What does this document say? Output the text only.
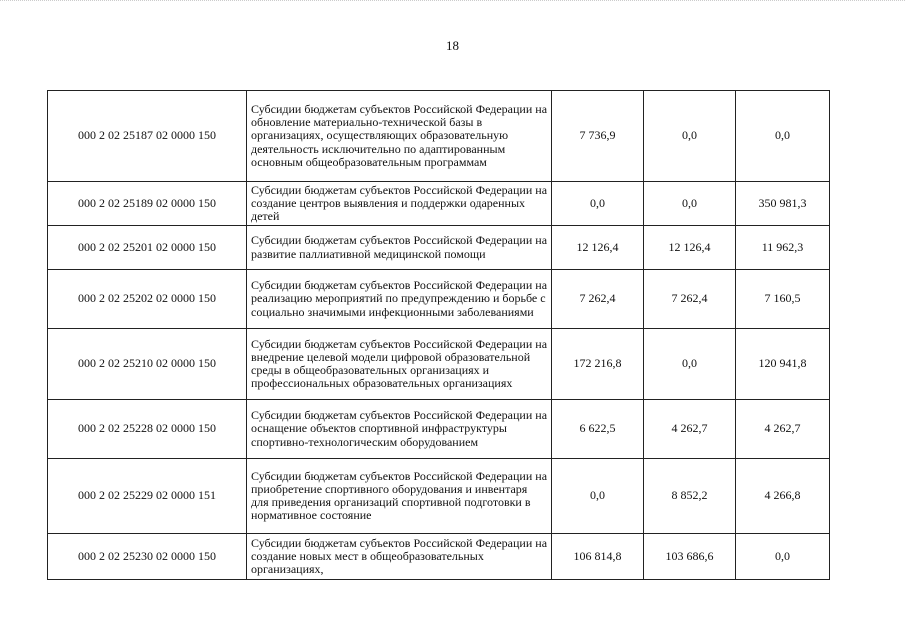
18
000 2 02 25187 02 0000 150	Субсидии бюджетам субъектов Российской Федерации на обновление материально-технической базы в организациях, осуществляющих образовательную деятельность исключительно по адаптированным основным общеобразовательным программам	7 736,9	0,0	0,0
000 2 02 25189 02 0000 150	Субсидии бюджетам субъектов Российской Федерации на создание центров выявления и поддержки одаренных детей	0,0	0,0	350 981,3
000 2 02 25201 02 0000 150	Субсидии бюджетам субъектов Российской Федерации на развитие паллиативной медицинской помощи	12 126,4	12 126,4	11 962,3
000 2 02 25202 02 0000 150	Субсидии бюджетам субъектов Российской Федерации на реализацию мероприятий по предупреждению и борьбе с социально значимыми инфекционными заболеваниями	7 262,4	7 262,4	7 160,5
000 2 02 25210 02 0000 150	Субсидии бюджетам субъектов Российской Федерации на внедрение целевой модели цифровой образовательной среды в общеобразовательных организациях и профессиональных образовательных организациях	172 216,8	0,0	120 941,8
000 2 02 25228 02 0000 150	Субсидии бюджетам субъектов Российской Федерации на оснащение объектов спортивной инфраструктуры спортивно-технологическим оборудованием	6 622,5	4 262,7	4 262,7
000 2 02 25229 02 0000 151	Субсидии бюджетам субъектов Российской Федерации на приобретение спортивного оборудования и инвентаря для приведения организаций спортивной подготовки в нормативное состояние	0,0	8 852,2	4 266,8
000 2 02 25230 02 0000 150	Субсидии бюджетам субъектов Российской Федерации на создание новых мест в общеобразовательных организациях,	106 814,8	103 686,6	0,0
